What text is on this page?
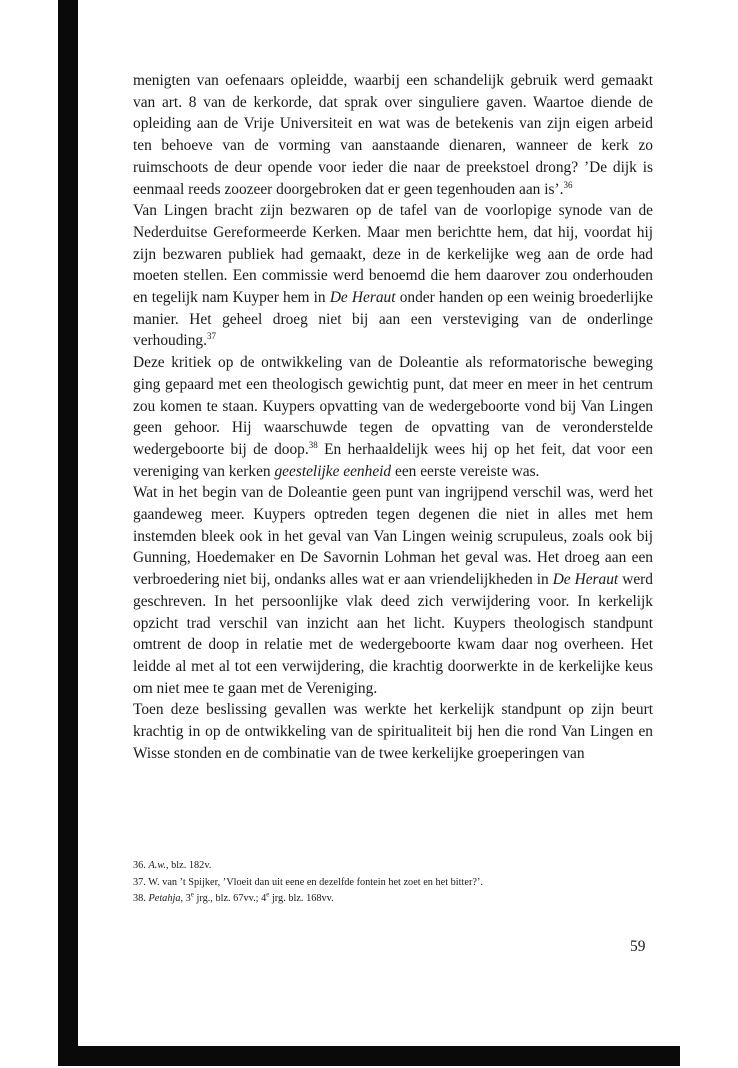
menigten van oefenaars opleidde, waarbij een schandelijk gebruik werd gemaakt van art. 8 van de kerkorde, dat sprak over singuliere gaven. Waartoe diende de opleiding aan de Vrije Universiteit en wat was de betekenis van zijn eigen arbeid ten behoeve van de vorming van aanstaande dienaren, wanneer de kerk zo ruimschoots de deur opende voor ieder die naar de preekstoel drong? ’De dijk is eenmaal reeds zoozeer doorgebroken dat er geen tegenhouden aan is’.$^{36}$

Van Lingen bracht zijn bezwaren op de tafel van de voorlopige synode van de Nederduitse Gereformeerde Kerken. Maar men berichtte hem, dat hij, voordat hij zijn bezwaren publiek had gemaakt, deze in de kerkelijke weg aan de orde had moeten stellen. Een commissie werd benoemd die hem daarover zou onderhouden en tegelijk nam Kuyper hem in De Heraut onder handen op een weinig broederlijke manier. Het geheel droeg niet bij aan een versteviging van de onderlinge verhouding.$^{37}$

Deze kritiek op de ontwikkeling van de Doleantie als reformatorische beweging ging gepaard met een theologisch gewichtig punt, dat meer en meer in het centrum zou komen te staan. Kuypers opvatting van de wedergeboorte vond bij Van Lingen geen gehoor. Hij waarschuwde tegen de opvatting van de veronderstelde wedergeboorte bij de doop.$^{38}$ En herhaaldelijk wees hij op het feit, dat voor een vereniging van kerken geestelijke eenheid een eerste vereiste was.

Wat in het begin van de Doleantie geen punt van ingrijpend verschil was, werd het gaandeweg meer. Kuypers optreden tegen degenen die niet in alles met hem instemden bleek ook in het geval van Van Lingen weinig scrupuleus, zoals ook bij Gunning, Hoedemaker en De Savornin Lohman het geval was. Het droeg aan een verbroedering niet bij, ondanks alles wat er aan vriendelijkheden in De Heraut werd geschreven. In het persoonlijke vlak deed zich verwijdering voor. In kerkelijk opzicht trad verschil van inzicht aan het licht. Kuypers theologisch standpunt omtrent de doop in relatie met de wedergeboorte kwam daar nog overheen. Het leidde al met al tot een verwijdering, die krachtig doorwerkte in de kerkelijke keus om niet mee te gaan met de Vereniging.

Toen deze beslissing gevallen was werkte het kerkelijk standpunt op zijn beurt krachtig in op de ontwikkeling van de spiritualiteit bij hen die rond Van Lingen en Wisse stonden en de combinatie van de twee kerkelijke groeperingen van

36. A.w., blz. 182v.
37. W. van ’t Spijker, ’Vloeit dan uit eene en dezelfde fontein het zoet en het bitter?’.
38. Petahja, 3e jrg., blz. 67vv.; 4e jrg. blz. 168vv.
59
